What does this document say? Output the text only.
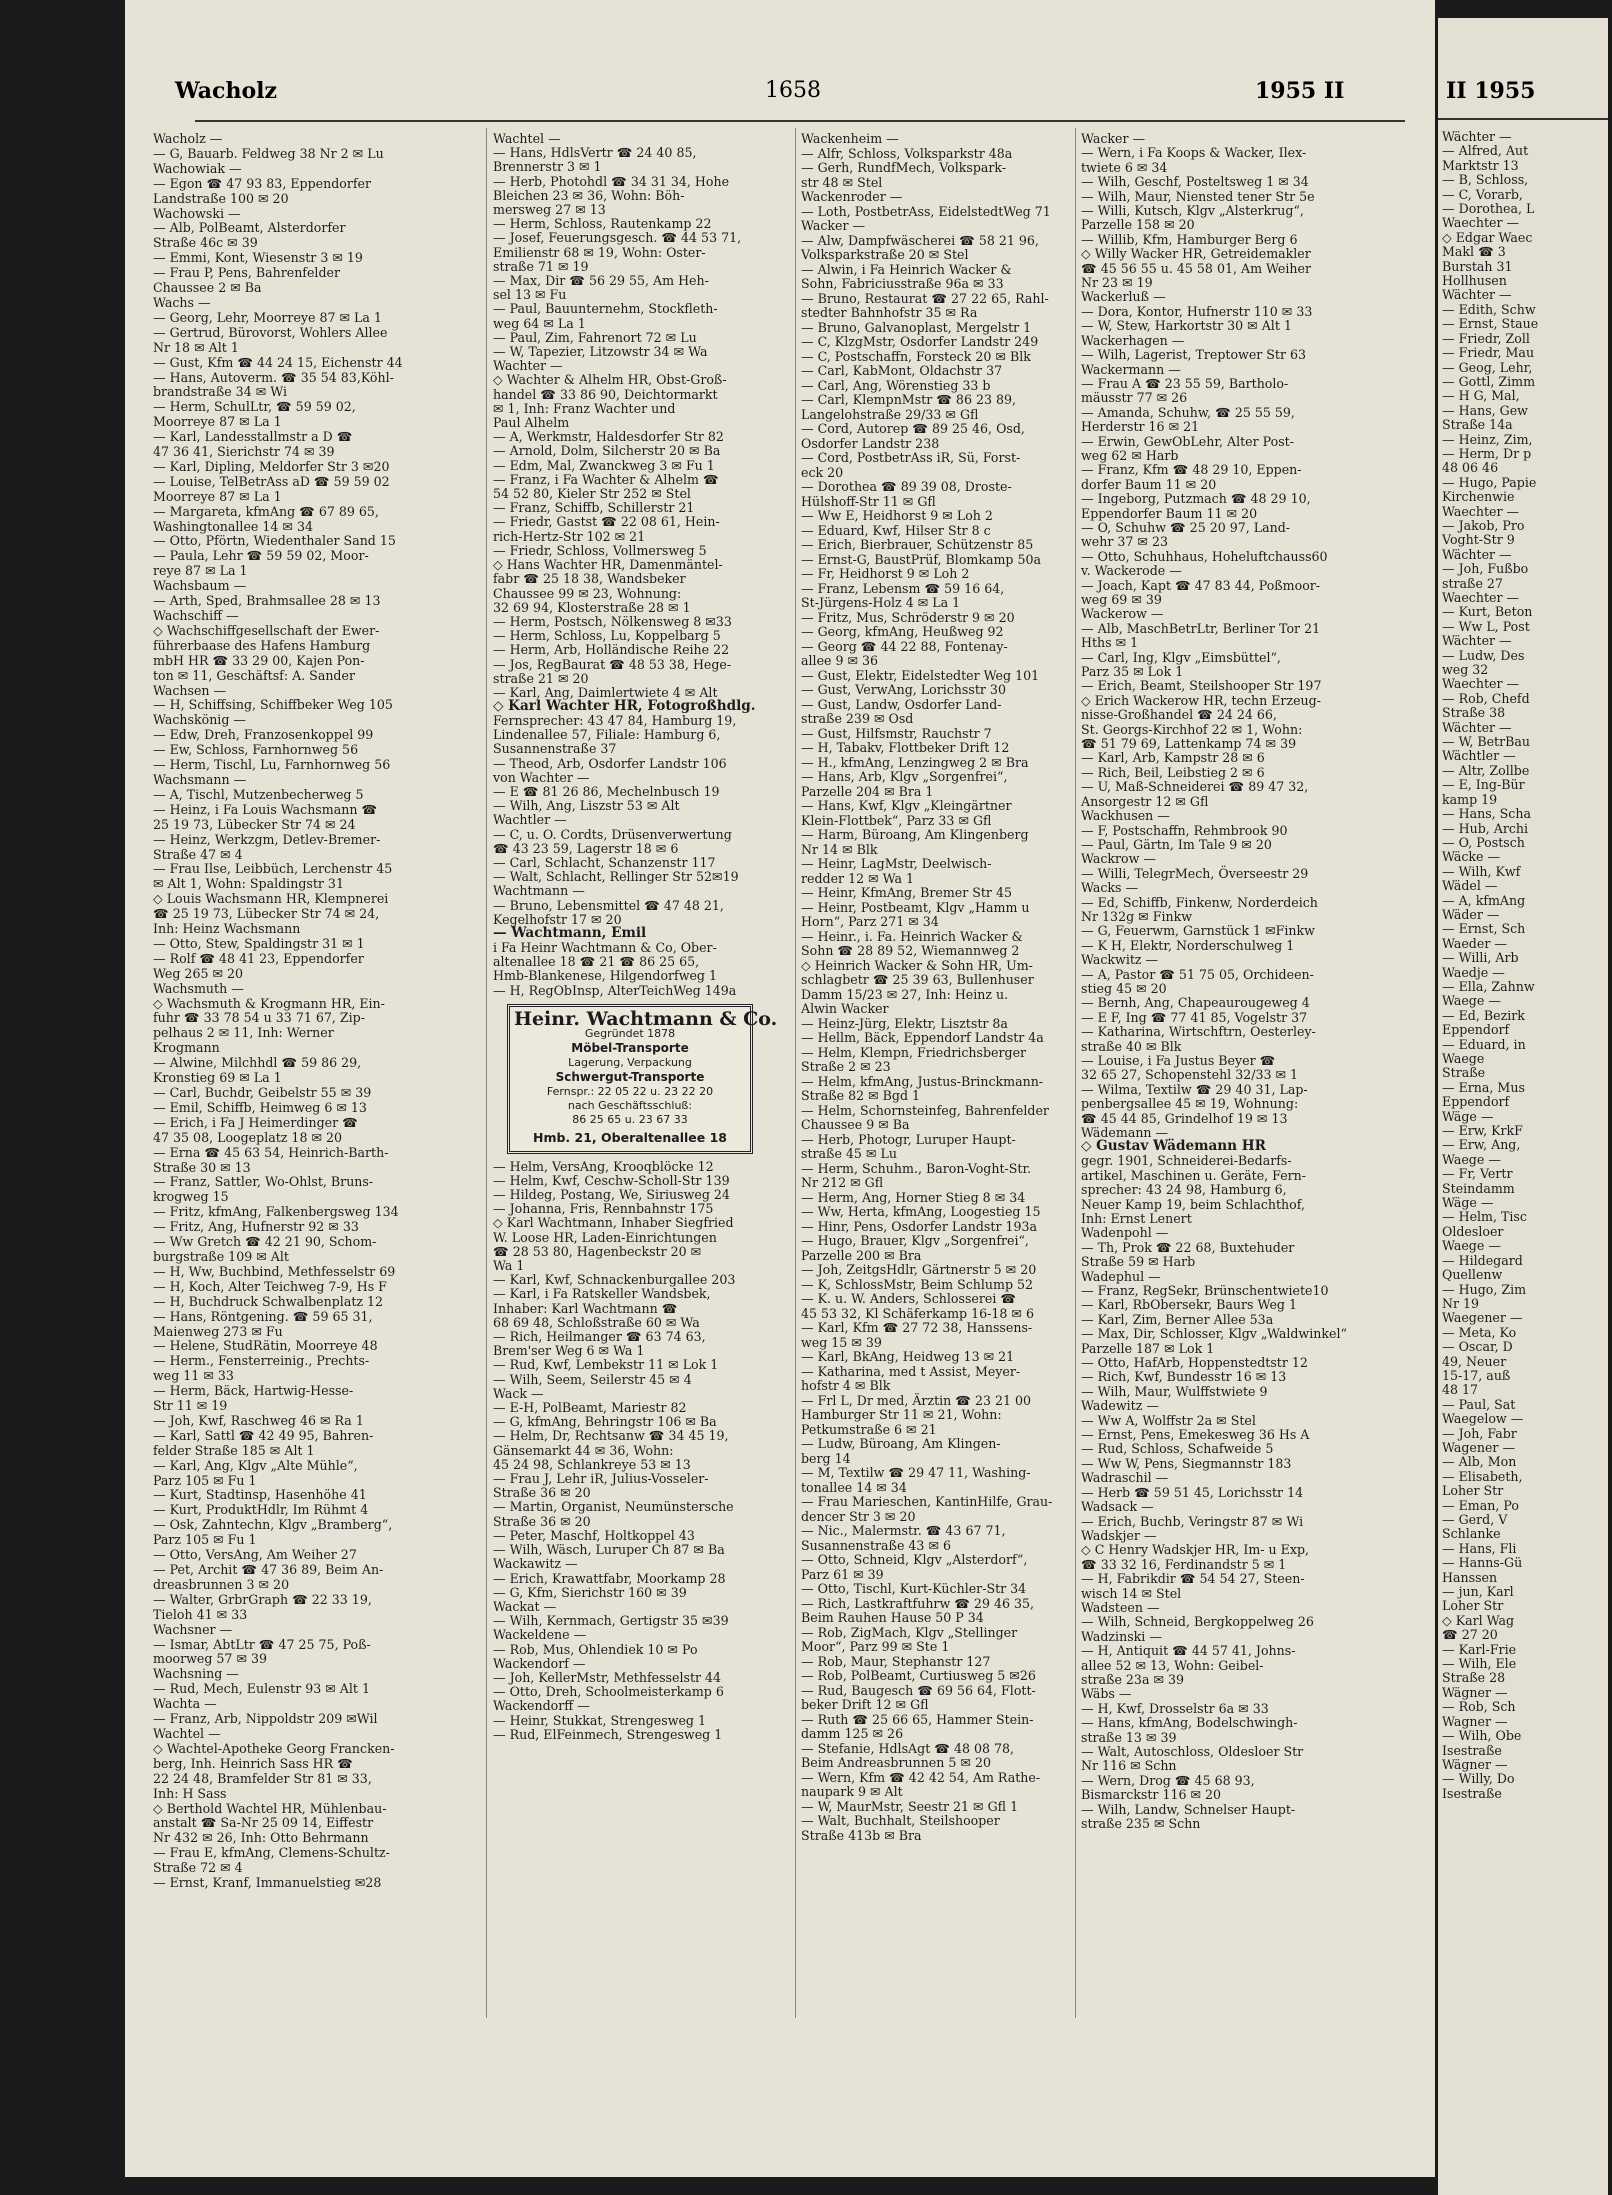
Wacholz	1658	1955 II
Wacholz —
— G, Bauarb. Feldweg 38 Nr 2 ✉ Lu
Wachowiak —
— Egon ☎ 47 93 83, Eppendorfer
Landstraße 100 ✉ 20
Wachowski —
— Alb, PolBeamt, Alsterdorfer
Straße 46c ✉ 39
— Emmi, Kont, Wiesenstr 3 ✉ 19
— Frau P, Pens, Bahrenfelder
Chaussee 2 ✉ Ba
Wachs —
— Georg, Lehr, Moorreye 87 ✉ La 1
— Gertrud, Bürovorst, Wohlers Allee
Nr 18 ✉ Alt 1
— Gust, Kfm ☎ 44 24 15, Eichenstr 44
— Hans, Autoverm. ☎ 35 54 83,Köhl-
brandstraße 34 ✉ Wi
— Herm, SchulLtr, ☎ 59 59 02,
Moorreye 87 ✉ La 1
— Karl, Landesstallmstr a D ☎
47 36 41, Sierichstr 74 ✉ 39
— Karl, Dipling, Meldorfer Str 3 ✉20
— Louise, TelBetrAss aD ☎ 59 59 02
Moorreye 87 ✉ La 1
— Margareta, kfmAng ☎ 67 89 65,
Washingtonallee 14 ✉ 34
— Otto, Pförtn, Wiedenthaler Sand 15
— Paula, Lehr ☎ 59 59 02, Moor-
reye 87 ✉ La 1
Wachsbaum —
— Arth, Sped, Brahmsallee 28 ✉ 13
Wachschiff —
◇ Wachschiffgesellschaft der Ewer-
führerbaase des Hafens Hamburg
mbH HR ☎ 33 29 00, Kajen Pon-
ton ✉ 11, Geschäftsf: A. Sander
Wachsen —
— H, Schiffsing, Schiffbeker Weg 105
Wachskönig —
— Edw, Dreh, Franzosenkoppel 99
— Ew, Schloss, Farnhornweg 56
— Herm, Tischl, Lu, Farnhornweg 56
Wachsmann —
— A, Tischl, Mutzenbecherweg 5
— Heinz, i Fa Louis Wachsmann ☎
25 19 73, Lübecker Str 74 ✉ 24
— Heinz, Werkzgm, Detlev-Bremer-
Straße 47 ✉ 4
— Frau Ilse, Leibbüch, Lerchenstr 45
✉ Alt 1, Wohn: Spaldingstr 31
◇ Louis Wachsmann HR, Klempnerei
☎ 25 19 73, Lübecker Str 74 ✉ 24,
Inh: Heinz Wachsmann
— Otto, Stew, Spaldingstr 31 ✉ 1
— Rolf ☎ 48 41 23, Eppendorfer
Weg 265 ✉ 20
Wachsmuth —
◇ Wachsmuth & Krogmann HR, Ein-
fuhr ☎ 33 78 54 u 33 71 67, Zip-
pelhaus 2 ✉ 11, Inh: Werner
Krogmann
— Alwine, Milchhdl ☎ 59 86 29,
Kronstieg 69 ✉ La 1
— Carl, Buchdr, Geibelstr 55 ✉ 39
— Emil, Schiffb, Heimweg 6 ✉ 13
— Erich, i Fa J Heimerdinger ☎
47 35 08, Loogeplatz 18 ✉ 20
— Erna ☎ 45 63 54, Heinrich-Barth-
Straße 30 ✉ 13
— Franz, Sattler, Wo-Ohlst, Bruns-
krogweg 15
— Fritz, kfmAng, Falkenbergsweg 134
— Fritz, Ang, Hufnerstr 92 ✉ 33
— Ww Gretch ☎ 42 21 90, Schom-
burgstraße 109 ✉ Alt
— H, Ww, Buchbind, Methfesselstr 69
— H, Koch, Alter Teichweg 7-9, Hs F
— H, Buchdruck Schwalbenplatz 12
— Hans, Röntgening. ☎ 59 65 31,
Maienweg 273 ✉ Fu
— Helene, StudRätin, Moorreye 48
— Herm., Fensterreinig., Prechts-
weg 11 ✉ 33
— Herm, Bäck, Hartwig-Hesse-
Str 11 ✉ 19
— Joh, Kwf, Raschweg 46 ✉ Ra 1
— Karl, Sattl ☎ 42 49 95, Bahren-
felder Straße 185 ✉ Alt 1
— Karl, Ang, Klgv „Alte Mühle“,
Parz 105 ✉ Fu 1
— Kurt, Stadtinsp, Hasenhöhe 41
— Kurt, ProduktHdlr, Im Rühmt 4
— Osk, Zahntechn, Klgv „Bramberg“,
Parz 105 ✉ Fu 1
— Otto, VersAng, Am Weiher 27
— Pet, Archit ☎ 47 36 89, Beim An-
dreasbrunnen 3 ✉ 20
— Walter, GrbrGraph ☎ 22 33 19,
Tieloh 41 ✉ 33
Wachsner —
— Ismar, AbtLtr ☎ 47 25 75, Poß-
moorweg 57 ✉ 39
Wachsning —
— Rud, Mech, Eulenstr 93 ✉ Alt 1
Wachta —
— Franz, Arb, Nippoldstr 209 ✉Wil
Wachtel —
◇ Wachtel-Apotheke Georg Francken-
berg, Inh. Heinrich Sass HR ☎
22 24 48, Bramfelder Str 81 ✉ 33,
Inh: H Sass
◇ Berthold Wachtel HR, Mühlenbau-
anstalt ☎ Sa-Nr 25 09 14, Eiffestr
Nr 432 ✉ 26, Inh: Otto Behrmann
— Frau E, kfmAng, Clemens-Schultz-
Straße 72 ✉ 4
— Ernst, Kranf, Immanuelstieg ✉28
Wachtel —
— Hans, HdlsVertr ☎ 24 40 85,
Brennerstr 3 ✉ 1
— Herb, Photohdl ☎ 34 31 34, Hohe
Bleichen 23 ✉ 36, Wohn: Böh-
mersweg 27 ✉ 13
— Herm, Schloss, Rautenkamp 22
— Josef, Feuerungsgesch. ☎ 44 53 71,
Emilienstr 68 ✉ 19, Wohn: Oster-
straße 71 ✉ 19
— Max, Dir ☎ 56 29 55, Am Heh-
sel 13 ✉ Fu
— Paul, Bauunternehm, Stockfleth-
weg 64 ✉ La 1
— Paul, Zim, Fahrenort 72 ✉ Lu
— W, Tapezier, Litzowstr 34 ✉ Wa
Wachter —
◇ Wachter & Alhelm HR, Obst-Groß-
handel ☎ 33 86 90, Deichtormarkt
✉ 1, Inh: Franz Wachter und
Paul Alhelm
— A, Werkmstr, Haldesdorfer Str 82
— Arnold, Dolm, Silcherstr 20 ✉ Ba
— Edm, Mal, Zwanckweg 3 ✉ Fu 1
— Franz, i Fa Wachter & Alhelm ☎
54 52 80, Kieler Str 252 ✉ Stel
— Franz, Schiffb, Schillerstr 21
— Friedr, Gastst ☎ 22 08 61, Hein-
rich-Hertz-Str 102 ✉ 21
— Friedr, Schloss, Vollmersweg 5
◇ Hans Wachter HR, Damenmäntel-
fabr ☎ 25 18 38, Wandsbeker
Chaussee 99 ✉ 23, Wohnung:
32 69 94, Klosterstraße 28 ✉ 1
— Herm, Postsch, Nölkensweg 8 ✉33
— Herm, Schloss, Lu, Koppelbarg 5
— Herm, Arb, Holländische Reihe 22
— Jos, RegBaurat ☎ 48 53 38, Hege-
straße 21 ✉ 20
— Karl, Ang, Daimlertwiete 4 ✉ Alt
◇ Karl Wachter HR, Fotogroßhdlg.
Fernsprecher: 43 47 84, Hamburg 19,
Lindenallee 57, Filiale: Hamburg 6,
Susannenstraße 37
— Theod, Arb, Osdorfer Landstr 106
von Wachter —
— E ☎ 81 26 86, Mechelnbusch 19
— Wilh, Ang, Liszstr 53 ✉ Alt
Wachtler —
— C, u. O. Cordts, Drüsenverwertung
☎ 43 23 59, Lagerstr 18 ✉ 6
— Carl, Schlacht, Schanzenstr 117
— Walt, Schlacht, Rellinger Str 52✉19
Wachtmann —
— Bruno, Lebensmittel ☎ 47 48 21,
Kegelhofstr 17 ✉ 20
— Wachtmann, Emil
i Fa Heinr Wachtmann & Co, Ober-
altenallee 18 ☎ 21 ☎ 86 25 65,
Hmb-Blankenese, Hilgendorfweg 1
— H, RegObInsp, AlterTeichWeg 149a
Heinr. Wachtmann & Co.
Gegründet 1878
Möbel-Transporte
Lagerung, Verpackung
Schwergut-Transporte
Fernspr.: 22 05 22 u. 23 22 20
nach Geschäftsschluß:
86 25 65 u. 23 67 33
Hmb. 21, Oberaltenallee 18
— Helm, VersAng, Krooqblöcke 12
— Helm, Kwf, Ceschw-Scholl-Str 139
— Hildeg, Postang, We, Siriusweg 24
— Johanna, Fris, Rennbahnstr 175
◇ Karl Wachtmann, Inhaber Siegfried
W. Loose HR, Laden-Einrichtungen
☎ 28 53 80, Hagenbeckstr 20 ✉
Wa 1
— Karl, Kwf, Schnackenburgallee 203
— Karl, i Fa Ratskeller Wandsbek,
Inhaber: Karl Wachtmann ☎
68 69 48, Schloßstraße 60 ✉ Wa
— Rich, Heilmanger ☎ 63 74 63,
Brem'ser Weg 6 ✉ Wa 1
— Rud, Kwf, Lembekstr 11 ✉ Lok 1
— Wilh, Seem, Seilerstr 45 ✉ 4
Wack —
— E-H, PolBeamt, Mariestr 82
— G, kfmAng, Behringstr 106 ✉ Ba
— Helm, Dr, Rechtsanw ☎ 34 45 19,
Gänsemarkt 44 ✉ 36, Wohn:
45 24 98, Schlankreye 53 ✉ 13
— Frau J, Lehr iR, Julius-Vosseler-
Straße 36 ✉ 20
— Martin, Organist, Neumünstersche
Straße 36 ✉ 20
— Peter, Maschf, Holtkoppel 43
— Wilh, Wäsch, Luruper Ch 87 ✉ Ba
Wackawitz —
— Erich, Krawattfabr, Moorkamp 28
— G, Kfm, Sierichstr 160 ✉ 39
Wackat —
— Wilh, Kernmach, Gertigstr 35 ✉39
Wackeldene —
— Rob, Mus, Ohlendiek 10 ✉ Po
Wackendorf —
— Joh, KellerMstr, Methfesselstr 44
— Otto, Dreh, Schoolmeisterkamp 6
Wackendorff —
— Heinr, Stukkat, Strengesweg 1
— Rud, ElFeinmech, Strengesweg 1
Wackenheim —
— Alfr, Schloss, Volksparkstr 48a
— Gerh, RundfMech, Volkspark-
str 48 ✉ Stel
Wackenroder —
— Loth, PostbetrAss, EidelstedtWeg 71
Wacker —
— Alw, Dampfwäscherei ☎ 58 21 96,
Volksparkstraße 20 ✉ Stel
— Alwin, i Fa Heinrich Wacker &
Sohn, Fabriciusstraße 96a ✉ 33
— Bruno, Restaurat ☎ 27 22 65, Rahl-
stedter Bahnhofstr 35 ✉ Ra
— Bruno, Galvanoplast, Mergelstr 1
— C, KlzgMstr, Osdorfer Landstr 249
— C, Postschaffn, Forsteck 20 ✉ Blk
— Carl, KabMont, Oldachstr 37
— Carl, Ang, Wörenstieg 33 b
— Carl, KlempnMstr ☎ 86 23 89,
Langelohstraße 29/33 ✉ Gfl
— Cord, Autorep ☎ 89 25 46, Osd,
Osdorfer Landstr 238
— Cord, PostbetrAss iR, Sü, Forst-
eck 20
— Dorothea ☎ 89 39 08, Droste-
Hülshoff-Str 11 ✉ Gfl
— Ww E, Heidhorst 9 ✉ Loh 2
— Eduard, Kwf, Hilser Str 8 c
— Erich, Bierbrauer, Schützenstr 85
— Ernst-G, BaustPrüf, Blomkamp 50a
— Fr, Heidhorst 9 ✉ Loh 2
— Franz, Lebensm ☎ 59 16 64,
St-Jürgens-Holz 4 ✉ La 1
— Fritz, Mus, Schröderstr 9 ✉ 20
— Georg, kfmAng, Heußweg 92
— Georg ☎ 44 22 88, Fontenay-
allee 9 ✉ 36
— Gust, Elektr, Eidelstedter Weg 101
— Gust, VerwAng, Lorichsstr 30
— Gust, Landw, Osdorfer Land-
straße 239 ✉ Osd
— Gust, Hilfsmstr, Rauchstr 7
— H, Tabakv, Flottbeker Drift 12
— H., kfmAng, Lenzingweg 2 ✉ Bra
— Hans, Arb, Klgv „Sorgenfrei“,
Parzelle 204 ✉ Bra 1
— Hans, Kwf, Klgv „Kleingärtner
Klein-Flottbek“, Parz 33 ✉ Gfl
— Harm, Büroang, Am Klingenberg
Nr 14 ✉ Blk
— Heinr, LagMstr, Deelwisch-
redder 12 ✉ Wa 1
— Heinr, KfmAng, Bremer Str 45
— Heinr, Postbeamt, Klgv „Hamm u
Horn“, Parz 271 ✉ 34
— Heinr., i. Fa. Heinrich Wacker &
Sohn ☎ 28 89 52, Wiemannweg 2
◇ Heinrich Wacker & Sohn HR, Um-
schlagbetr ☎ 25 39 63, Bullenhuser
Damm 15/23 ✉ 27, Inh: Heinz u.
Alwin Wacker
— Heinz-Jürg, Elektr, Lisztstr 8a
— Hellm, Bäck, Eppendorf Landstr 4a
— Helm, Klempn, Friedrichsberger
Straße 2 ✉ 23
— Helm, kfmAng, Justus-Brinckmann-
Straße 82 ✉ Bgd 1
— Helm, Schornsteinfeg, Bahrenfelder
Chaussee 9 ✉ Ba
— Herb, Photogr, Luruper Haupt-
straße 45 ✉ Lu
— Herm, Schuhm., Baron-Voght-Str.
Nr 212 ✉ Gfl
— Herm, Ang, Horner Stieg 8 ✉ 34
— Ww, Herta, kfmAng, Loogestieg 15
— Hinr, Pens, Osdorfer Landstr 193a
— Hugo, Brauer, Klgv „Sorgenfrei“,
Parzelle 200 ✉ Bra
— Joh, ZeitgsHdlr, Gärtnerstr 5 ✉ 20
— K, SchlossMstr, Beim Schlump 52
— K. u. W. Anders, Schlosserei ☎
45 53 32, Kl Schäferkamp 16-18 ✉ 6
— Karl, Kfm ☎ 27 72 38, Hanssens-
weg 15 ✉ 39
— Karl, BkAng, Heidweg 13 ✉ 21
— Katharina, med t Assist, Meyer-
hofstr 4 ✉ Blk
— Frl L, Dr med, Ärztin ☎ 23 21 00
Hamburger Str 11 ✉ 21, Wohn:
Petkumstraße 6 ✉ 21
— Ludw, Büroang, Am Klingen-
berg 14
— M, Textilw ☎ 29 47 11, Washing-
tonallee 14 ✉ 34
— Frau Marieschen, KantinHilfe, Grau-
dencer Str 3 ✉ 20
— Nic., Malermstr. ☎ 43 67 71,
Susannenstraße 43 ✉ 6
— Otto, Schneid, Klgv „Alsterdorf“,
Parz 61 ✉ 39
— Otto, Tischl, Kurt-Küchler-Str 34
— Rich, Lastkraftfuhrw ☎ 29 46 35,
Beim Rauhen Hause 50 P 34
— Rob, ZigMach, Klgv „Stellinger
Moor“, Parz 99 ✉ Ste 1
— Rob, Maur, Stephanstr 127
— Rob, PolBeamt, Curtiusweg 5 ✉26
— Rud, Baugesch ☎ 69 56 64, Flott-
beker Drift 12 ✉ Gfl
— Ruth ☎ 25 66 65, Hammer Stein-
damm 125 ✉ 26
— Stefanie, HdlsAgt ☎ 48 08 78,
Beim Andreasbrunnen 5 ✉ 20
— Wern, Kfm ☎ 42 42 54, Am Rathe-
naupark 9 ✉ Alt
— W, MaurMstr, Seestr 21 ✉ Gfl 1
— Walt, Buchhalt, Steilshooper
Straße 413b ✉ Bra
Wacker —
— Wern, i Fa Koops & Wacker, Ilex-
twiete 6 ✉ 34
— Wilh, Geschf, Posteltsweg 1 ✉ 34
— Wilh, Maur, Niensted tener Str 5e
— Willi, Kutsch, Klgv „Alsterkrug“,
Parzelle 158 ✉ 20
— Willib, Kfm, Hamburger Berg 6
◇ Willy Wacker HR, Getreidemakler
☎ 45 56 55 u. 45 58 01, Am Weiher
Nr 23 ✉ 19
Wackerluß —
— Dora, Kontor, Hufnerstr 110 ✉ 33
— W, Stew, Harkortstr 30 ✉ Alt 1
Wackerhagen —
— Wilh, Lagerist, Treptower Str 63
Wackermann —
— Frau A ☎ 23 55 59, Bartholo-
mäusstr 77 ✉ 26
— Amanda, Schuhw, ☎ 25 55 59,
Herderstr 16 ✉ 21
— Erwin, GewObLehr, Alter Post-
weg 62 ✉ Harb
— Franz, Kfm ☎ 48 29 10, Eppen-
dorfer Baum 11 ✉ 20
— Ingeborg, Putzmach ☎ 48 29 10,
Eppendorfer Baum 11 ✉ 20
— O, Schuhw ☎ 25 20 97, Land-
wehr 37 ✉ 23
— Otto, Schuhhaus, Hoheluftchauss60
v. Wackerode —
— Joach, Kapt ☎ 47 83 44, Poßmoor-
weg 69 ✉ 39
Wackerow —
— Alb, MaschBetrLtr, Berliner Tor 21
Hths ✉ 1
— Carl, Ing, Klgv „Eimsbüttel“,
Parz 35 ✉ Lok 1
— Erich, Beamt, Steilshooper Str 197
◇ Erich Wackerow HR, techn Erzeug-
nisse-Großhandel ☎ 24 24 66,
St. Georgs-Kirchhof 22 ✉ 1, Wohn:
☎ 51 79 69, Lattenkamp 74 ✉ 39
— Karl, Arb, Kampstr 28 ✉ 6
— Rich, Beil, Leibstieg 2 ✉ 6
— U, Maß-Schneiderei ☎ 89 47 32,
Ansorgestr 12 ✉ Gfl
Wackhusen —
— F, Postschaffn, Rehmbrook 90
— Paul, Gärtn, Im Tale 9 ✉ 20
Wackrow —
— Willi, TelegrMech, Överseestr 29
Wacks —
— Ed, Schiffb, Finkenw, Norderdeich
Nr 132g ✉ Finkw
— G, Feuerwm, Garnstück 1 ✉Finkw
— K H, Elektr, Norderschulweg 1
Wackwitz —
— A, Pastor ☎ 51 75 05, Orchideen-
stieg 45 ✉ 20
— Bernh, Ang, Chapeaurougeweg 4
— E F, Ing ☎ 77 41 85, Vogelstr 37
— Katharina, Wirtschftrn, Oesterley-
straße 40 ✉ Blk
— Louise, i Fa Justus Beyer ☎
32 65 27, Schopenstehl 32/33 ✉ 1
— Wilma, Textilw ☎ 29 40 31, Lap-
penbergsallee 45 ✉ 19, Wohnung:
☎ 45 44 85, Grindelhof 19 ✉ 13
Wädemann —
◇ Gustav Wädemann HR
gegr. 1901, Schneiderei-Bedarfs-
artikel, Maschinen u. Geräte, Fern-
sprecher: 43 24 98, Hamburg 6,
Neuer Kamp 19, beim Schlachthof,
Inh: Ernst Lenert
Wadenpohl —
— Th, Prok ☎ 22 68, Buxtehuder
Straße 59 ✉ Harb
Wadephul —
— Franz, RegSekr, Brünschentwiete10
— Karl, RbObersekr, Baurs Weg 1
— Karl, Zim, Berner Allee 53a
— Max, Dir, Schlosser, Klgv „Waldwinkel“
Parzelle 187 ✉ Lok 1
— Otto, HafArb, Hoppenstedtstr 12
— Rich, Kwf, Bundesstr 16 ✉ 13
— Wilh, Maur, Wulffstwiete 9
Wadewitz —
— Ww A, Wolffstr 2a ✉ Stel
— Ernst, Pens, Emekesweg 36 Hs A
— Rud, Schloss, Schafweide 5
— Ww W, Pens, Siegmannstr 183
Wadraschil —
— Herb ☎ 59 51 45, Lorichsstr 14
Wadsack —
— Erich, Buchb, Veringstr 87 ✉ Wi
Wadskjer —
◇ C Henry Wadskjer HR, Im- u Exp,
☎ 33 32 16, Ferdinandstr 5 ✉ 1
— H, Fabrikdir ☎ 54 54 27, Steen-
wisch 14 ✉ Stel
Wadsteen —
— Wilh, Schneid, Bergkoppelweg 26
Wadzinski —
— H, Antiquit ☎ 44 57 41, Johns-
allee 52 ✉ 13, Wohn: Geibel-
straße 23a ✉ 39
Wäbs —
— H, Kwf, Drosselstr 6a ✉ 33
— Hans, kfmAng, Bodelschwingh-
straße 13 ✉ 39
— Walt, Autoschloss, Oldesloer Str
Nr 116 ✉ Schn
— Wern, Drog ☎ 45 68 93,
Bismarckstr 116 ✉ 20
— Wilh, Landw, Schnelser Haupt-
straße 235 ✉ Schn
II 1955
Wächter —
— Alfred, Aut
Marktstr 13
— B, Schloss,
— C, Vorarb,
— Dorothea, L
Waechter —
◇ Edgar Waec
Makl ☎ 3
Burstah 31
Hollhusen
Wächter —
— Edith, Schw
— Ernst, Staue
— Friedr, Zoll
— Friedr, Mau
— Geog, Lehr,
— Gottl, Zimm
— H G, Mal,
— Hans, Gew
Straße 14a
— Heinz, Zim,
— Herm, Dr p
48 06 46
— Hugo, Papie
Kirchenwie
Waechter —
— Jakob, Pro
Voght-Str 9
Wächter —
— Joh, Fußbo
straße 27
Waechter —
— Kurt, Beton
— Ww L, Post
Wächter —
— Ludw, Des
weg 32
Waechter —
— Rob, Chefd
Straße 38
Wächter —
— W, BetrBau
Wächtler —
— Altr, Zollbe
— E, Ing-Bür
kamp 19
— Hans, Scha
— Hub, Archi
— O, Postsch
Wäcke —
— Wilh, Kwf
Wädel —
— A, kfmAng
Wäder —
— Ernst, Sch
Waeder —
— Willi, Arb
Waedje —
— Ella, Zahnw
Waege —
— Ed, Bezirk
Eppendorf
— Eduard, in
Waege
Straße
— Erna, Mus
Eppendorf
Wäge —
— Erw, KrkF
— Erw, Ang,
Waege —
— Fr, Vertr
Steindamm
Wäge —
— Helm, Tisc
Oldesloer
Waege —
— Hildegard
Quellenw
— Hugo, Zim
Nr 19
Waegener —
— Meta, Ko
— Oscar, D
49, Neuer
15-17, auß
48 17
— Paul, Sat
Waegelow —
— Joh, Fabr
Wagener —
— Alb, Mon
— Elisabeth,
Loher Str
— Eman, Po
— Gerd, V
Schlanke
— Hans, Fli
— Hanns-Gü
Hanssen
— jun, Karl
Loher Str
◇ Karl Wag
☎ 27 20
— Karl-Frie
— Wilh, Ele
Straße 28
Wägner —
— Rob, Sch
Wagner —
— Wilh, Obe
Isestraße
Wägner —
— Willy, Do
Isestraße
